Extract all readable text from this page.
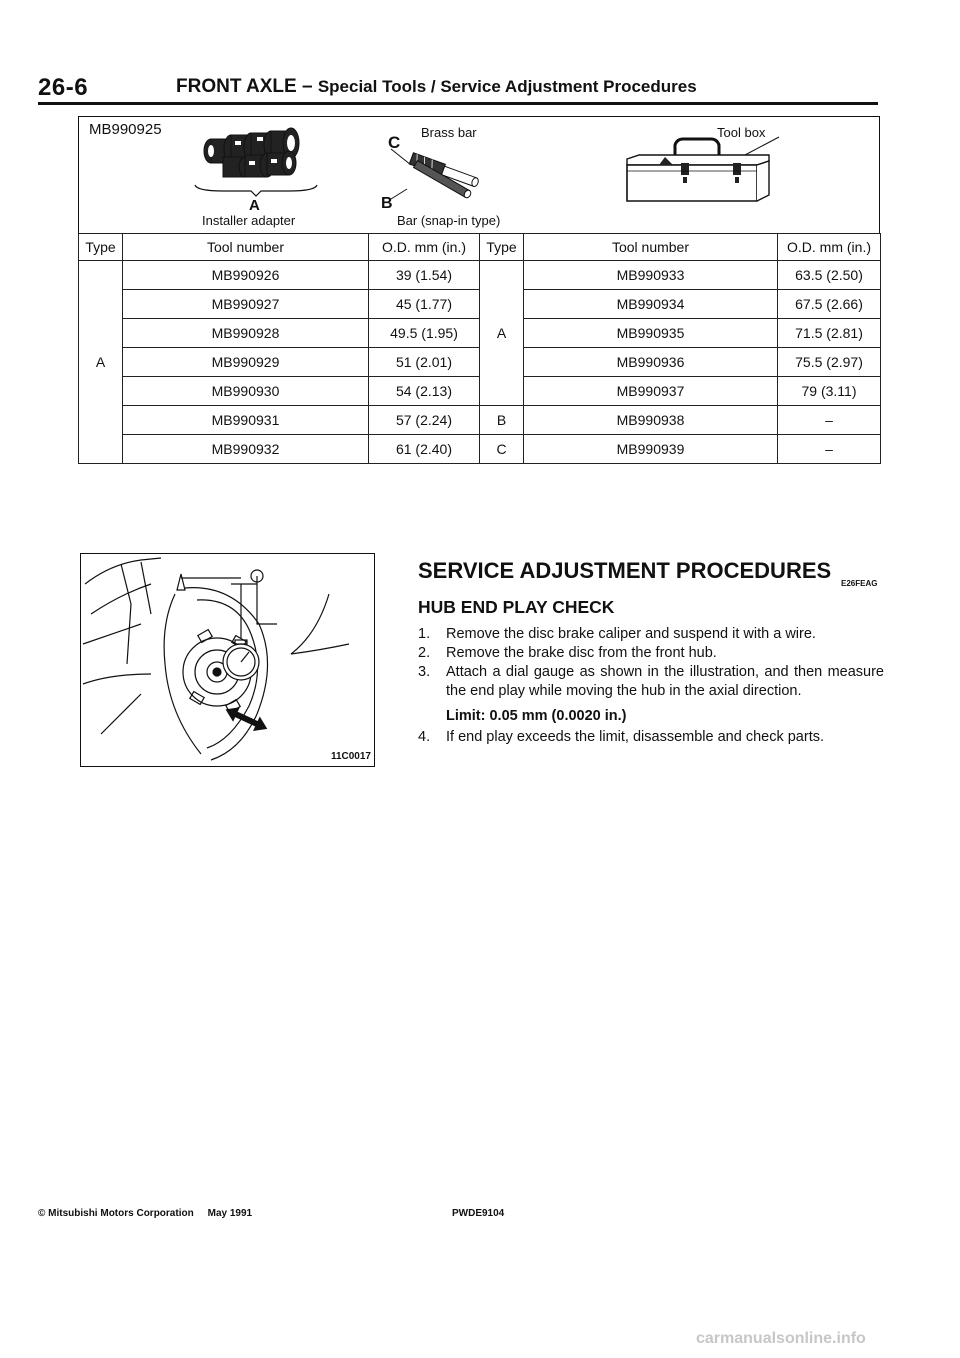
26-6	FRONT AXLE – Special Tools / Service Adjustment Procedures
MB990925
A
Installer adapter
C
Brass bar
B
Bar (snap-in type)
Tool box
Type	Tool number	O.D. mm (in.)	Type	Tool number	O.D. mm (in.)
A	MB990926	39 (1.54)	A	MB990933	63.5 (2.50)
	MB990927	45 (1.77)		MB990934	67.5 (2.66)
	MB990928	49.5 (1.95)		MB990935	71.5 (2.81)
	MB990929	51 (2.01)		MB990936	75.5 (2.97)
	MB990930	54 (2.13)		MB990937	79 (3.11)
	MB990931	57 (2.24)	B	MB990938	–
	MB990932	61 (2.40)	C	MB990939	–
11C0017
SERVICE ADJUSTMENT PROCEDURES
E26FEAG
HUB END PLAY CHECK
1.	Remove the disc brake caliper and suspend it with a wire.
2.	Remove the brake disc from the front hub.
3.	Attach a dial gauge as shown in the illustration, and then measure the end play while moving the hub in the axial direction.
Limit: 0.05 mm (0.0020 in.)
4.	If end play exceeds the limit, disassemble and check parts.
© Mitsubishi Motors Corporation May 1991	PWDE9104
carmanualsonline.info
